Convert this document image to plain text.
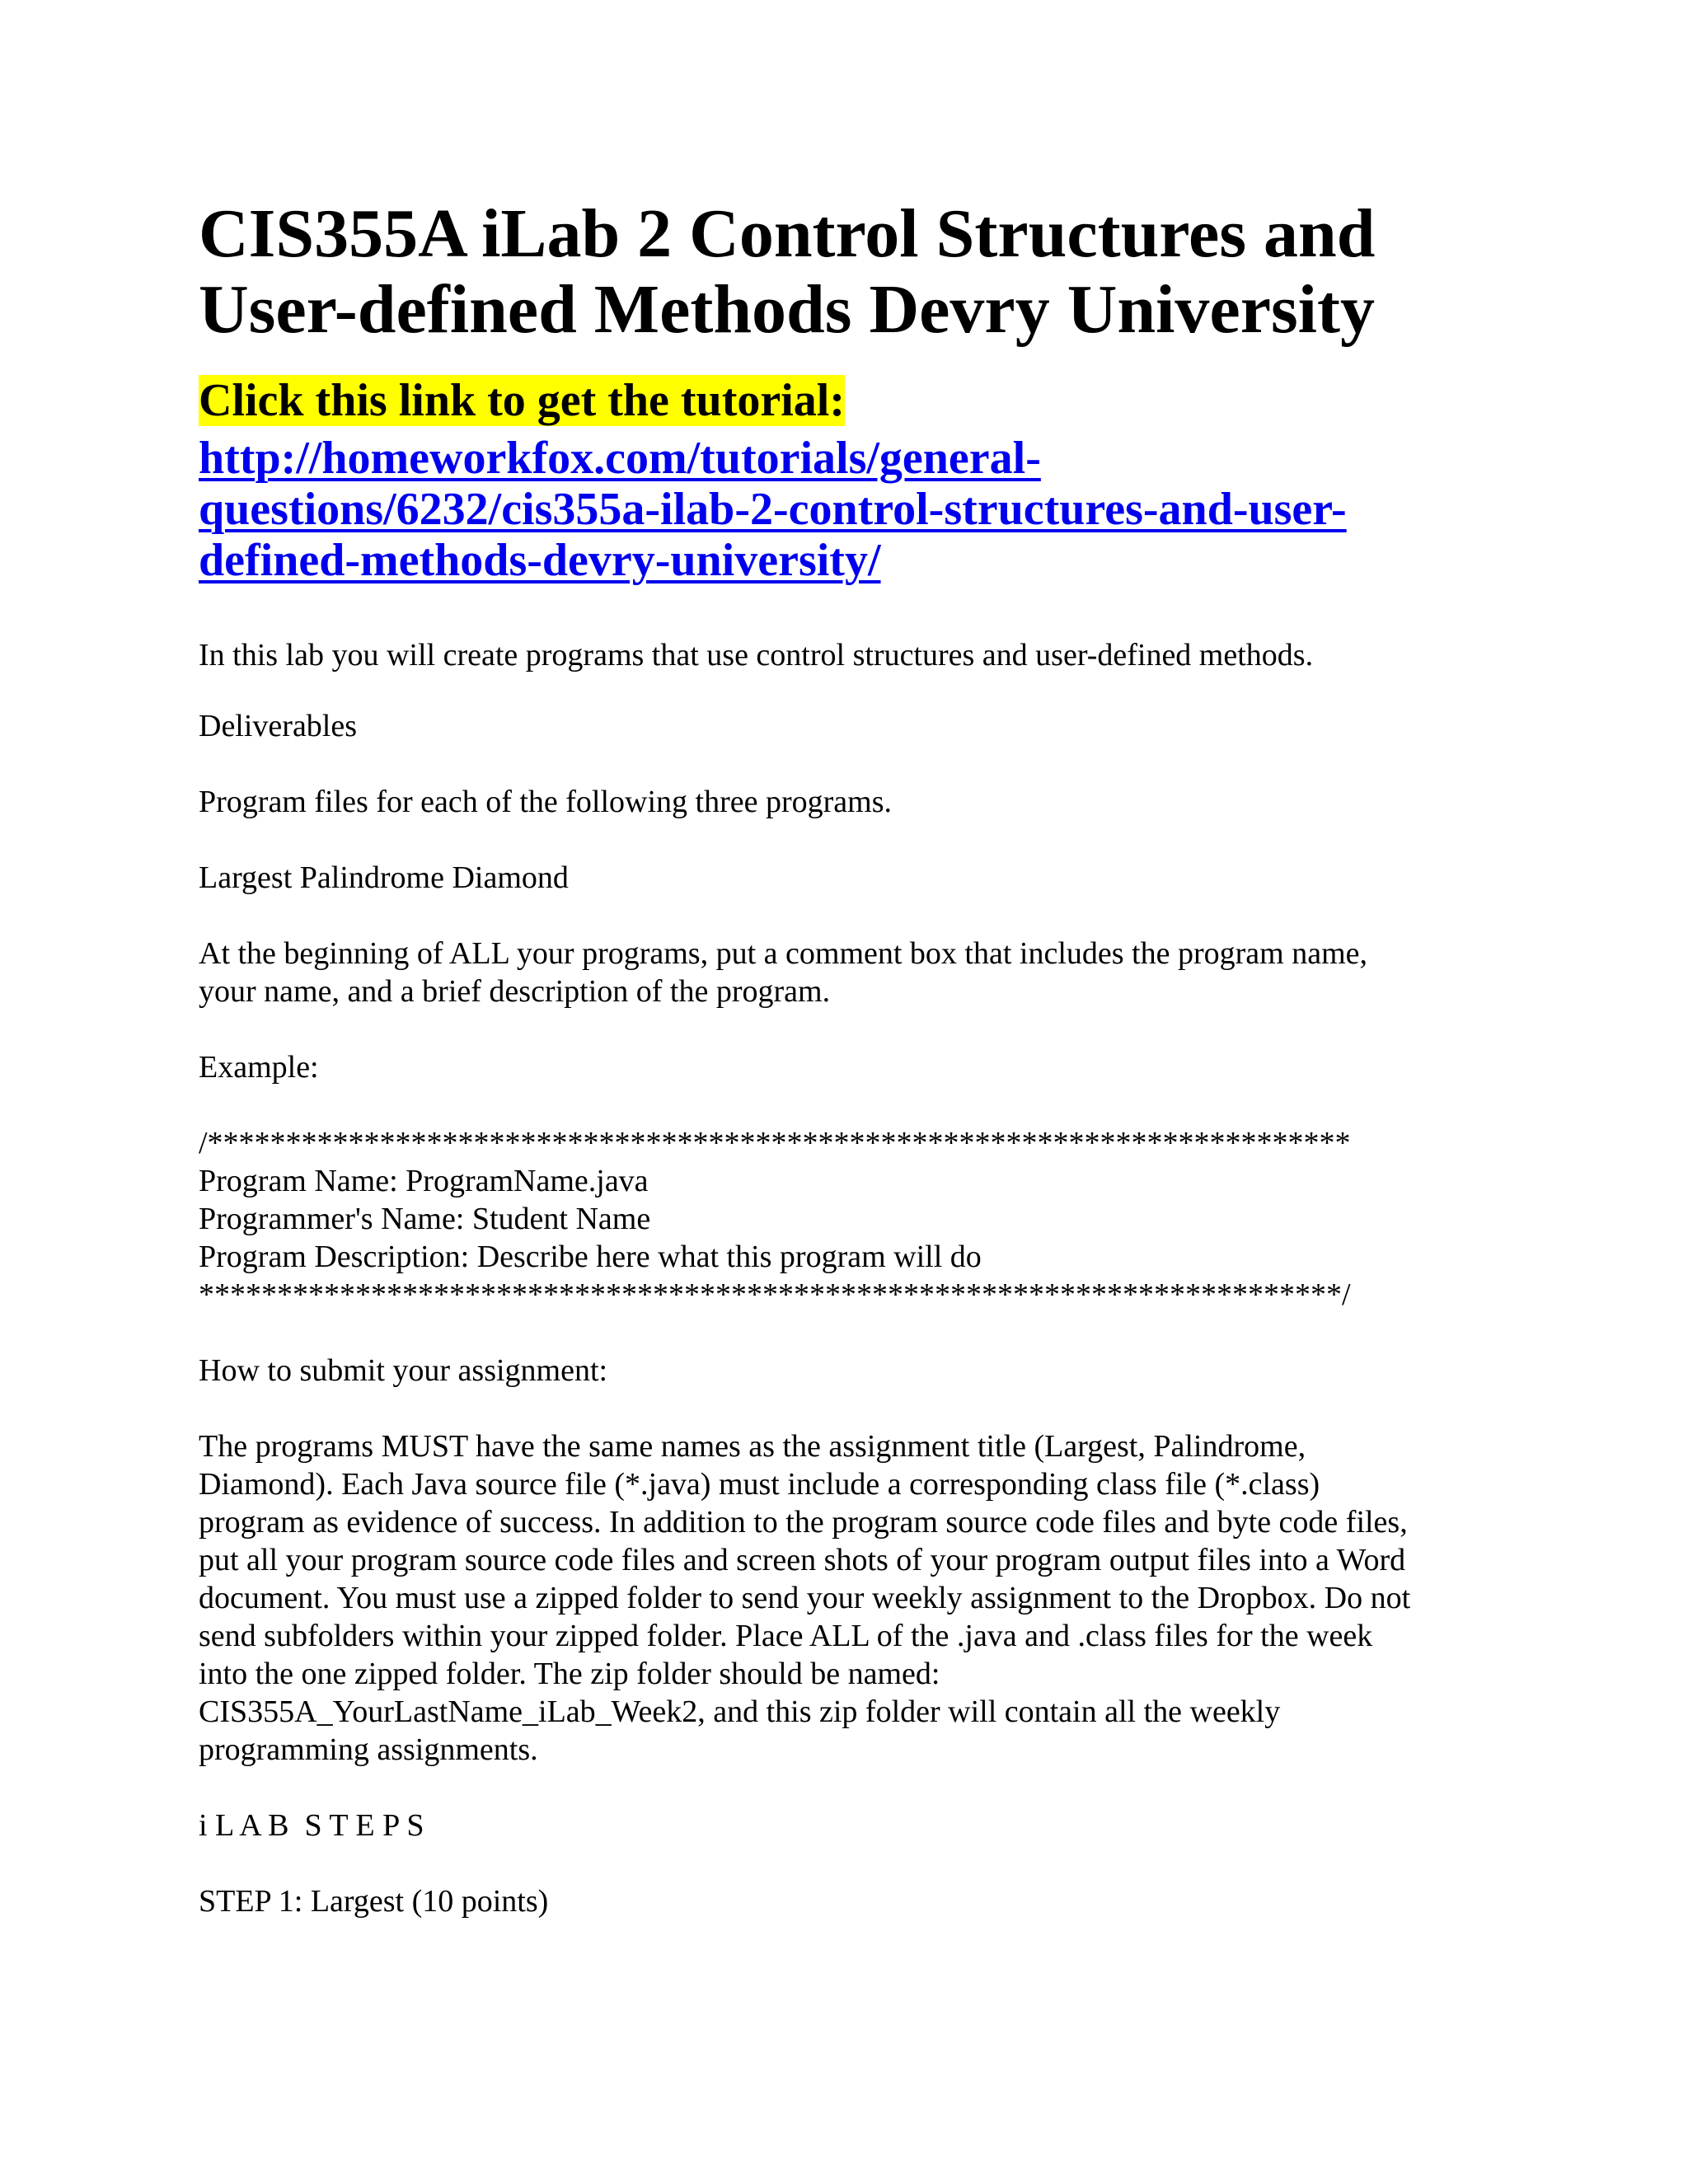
CIS355A iLab 2 Control Structures and
User-defined Methods Devry University
Click this link to get the tutorial:
http://homeworkfox.com/tutorials/general-
questions/6232/cis355a-ilab-2-control-structures-and-user-
defined-methods-devry-university/

In this lab you will create programs that use control structures and user-defined methods.

Deliverables

Program files for each of the following three programs.

Largest Palindrome Diamond

At the beginning of ALL your programs, put a comment box that includes the program name,
your name, and a brief description of the program.

Example:

/*************************************************************************
Program Name: ProgramName.java
Programmer's Name: Student Name
Program Description: Describe here what this program will do
*************************************************************************/

How to submit your assignment:

The programs MUST have the same names as the assignment title (Largest, Palindrome,
Diamond). Each Java source file (*.java) must include a corresponding class file (*.class)
program as evidence of success. In addition to the program source code files and byte code files,
put all your program source code files and screen shots of your program output files into a Word
document. You must use a zipped folder to send your weekly assignment to the Dropbox. Do not
send subfolders within your zipped folder. Place ALL of the .java and .class files for the week
into the one zipped folder. The zip folder should be named:
CIS355A_YourLastName_iLab_Week2, and this zip folder will contain all the weekly
programming assignments.

i L A B  S T E P S

STEP 1: Largest (10 points)
